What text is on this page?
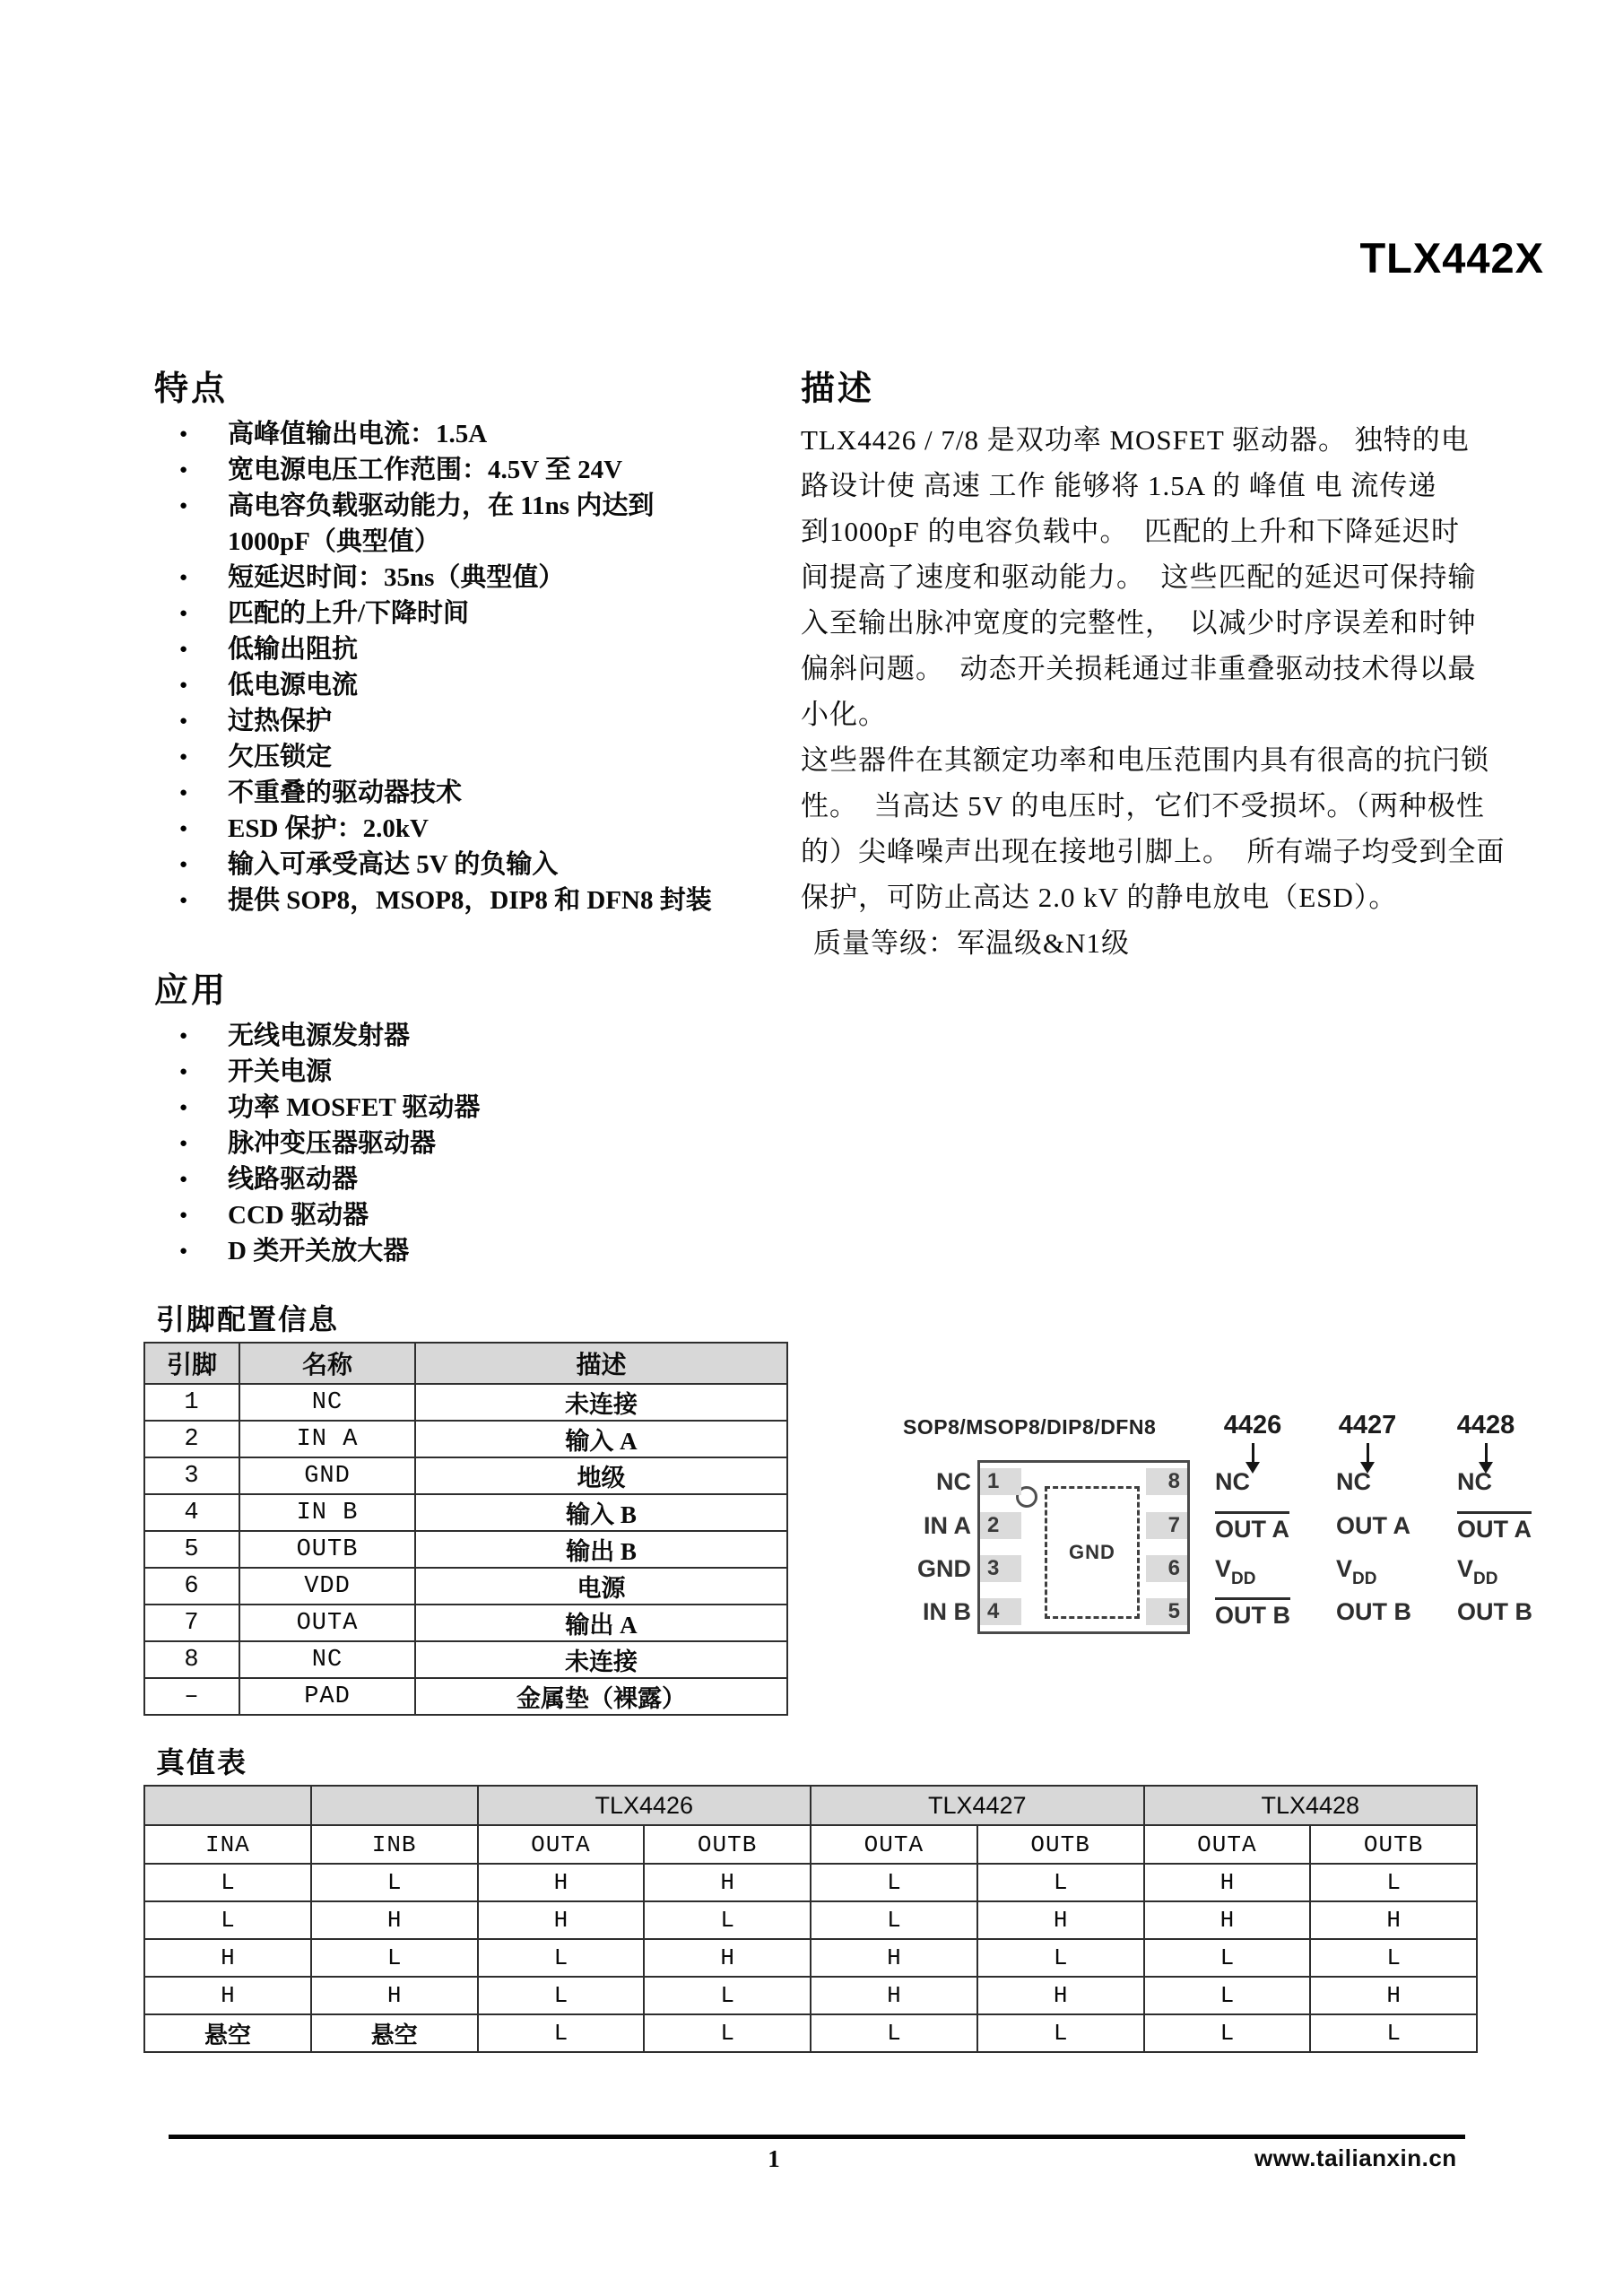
TLX442X
特点
● 高峰值输出电流：1.5A
● 宽电源电压工作范围：4.5V 至 24V
● 高电容负载驱动能力，在 11ns 内达到
1000pF（典型值）
● 短延迟时间：35ns（典型值）
● 匹配的上升/下降时间
● 低输出阻抗
● 低电源电流
● 过热保护
● 欠压锁定
● 不重叠的驱动器技术
● ESD 保护：2.0kV
● 输入可承受高达 5V 的负输入
● 提供 SOP8，MSOP8，DIP8 和 DFN8 封装
描述
TLX4426 / 7/8 是双功率 MOSFET 驱动器。 独特的电
路设计使 高速 工作 能够将 1.5A 的 峰值 电 流传递
到1000pF 的电容负载中。  匹配的上升和下降延迟时
间提高了速度和驱动能力。  这些匹配的延迟可保持输
入至输出脉冲宽度的完整性，  以减少时序误差和时钟
偏斜问题。  动态开关损耗通过非重叠驱动技术得以最
小化。
这些器件在其额定功率和电压范围内具有很高的抗闩锁
性。  当高达 5V 的电压时，它们不受损坏。（两种极性
的）尖峰噪声出现在接地引脚上。  所有端子均受到全面
保护，可防止高达 2.0 kV 的静电放电（ESD）。
质量等级：军温级&N1级
应用
● 无线电源发射器
● 开关电源
● 功率 MOSFET 驱动器
● 脉冲变压器驱动器
● 线路驱动器
● CCD 驱动器
● D 类开关放大器
引脚配置信息
引脚	名称	描述
1	NC	未连接
2	IN A	输入 A
3	GND	地级
4	IN B	输入 B
5	OUTB	输出 B
6	VDD	电源
7	OUTA	输出 A
8	NC	未连接
–	PAD	金属垫（裸露）
SOP8/MSOP8/DIP8/DFN8
GND
1
2
3
4
8
7
6
5
NC
IN A
GND
IN B
4426
NC
OUT A
$V_{DD}$
OUT B
4427
NC
OUT A
$V_{DD}$
OUT B
4428
NC
OUT A
$V_{DD}$
OUT B
真值表
		TLX4426		TLX4427		TLX4428	
INA	INB	OUTA	OUTB	OUTA	OUTB	OUTA	OUTB
L	L	H	H	L	L	H	L
L	H	H	L	L	H	H	H
H	L	L	H	H	L	L	L
H	H	L	L	H	H	L	H
悬空	悬空	L	L	L	L	L	L
1	www.tailianxin.cn
